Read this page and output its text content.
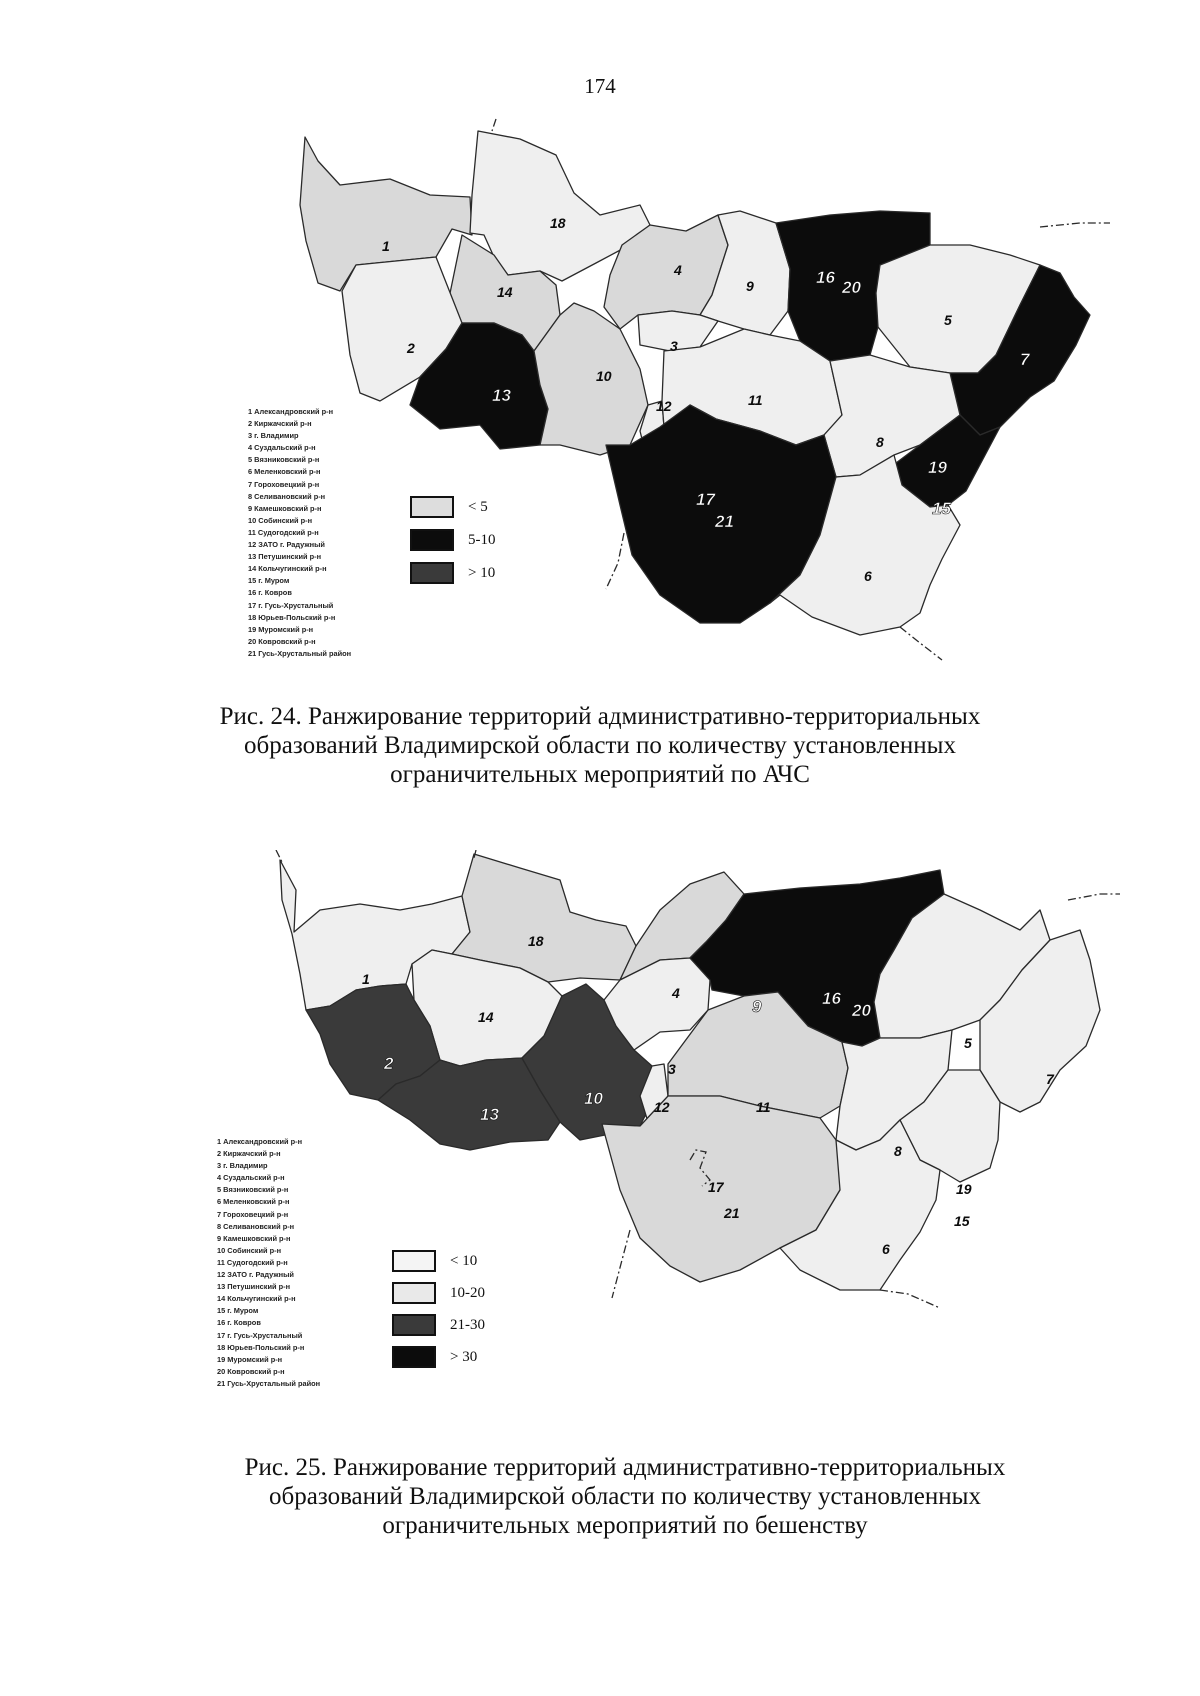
174
1
18
14
2
13
10
4
9
3
16
20
5
7
12	11
8
19
15
17
21
6
1 Александровский р-н
2 Киржачский р-н
3 г. Владимир
4 Суздальский р-н
5 Вязниковский р-н
6 Меленковский р-н
7 Гороховецкий р-н
8 Селивановский р-н
9 Камешковский р-н
10 Собинский р-н
11 Судогодский р-н
12 ЗАТО г. Радужный
13 Петушинский р-н
14 Кольчугинский р-н
15 г. Муром
16 г. Ковров
17 г. Гусь-Хрустальный
18 Юрьев-Польский р-н
19 Муромский р-н
20 Ковровский р-н
21 Гусь-Хрустальный район
< 5
5-10
> 10

Рис. 24. Ранжирование территорий административно-территориальных
образований Владимирской области по количеству установленных
ограничительных мероприятий по АЧС

1
18
14
2
13
10
4
3
9	16
20
5
7
12	11
8
19
15
17
21
6
1 Александровский р-н
2 Киржачский р-н
3 г. Владимир
4 Суздальский р-н
5 Вязниковский р-н
6 Меленковский р-н
7 Гороховецкий р-н
8 Селивановский р-н
9 Камешковский р-н
10 Собинский р-н
11 Судогодский р-н
12 ЗАТО г. Радужный
13 Петушинский р-н
14 Кольчугинский р-н
15 г. Муром
16 г. Ковров
17 г. Гусь-Хрустальный
18 Юрьев-Польский р-н
19 Муромский р-н
20 Ковровский р-н
21 Гусь-Хрустальный район
< 10
10-20
21-30
> 30

Рис. 25. Ранжирование территорий административно-территориальных
образований Владимирской области по количеству установленных
ограничительных мероприятий по бешенству
